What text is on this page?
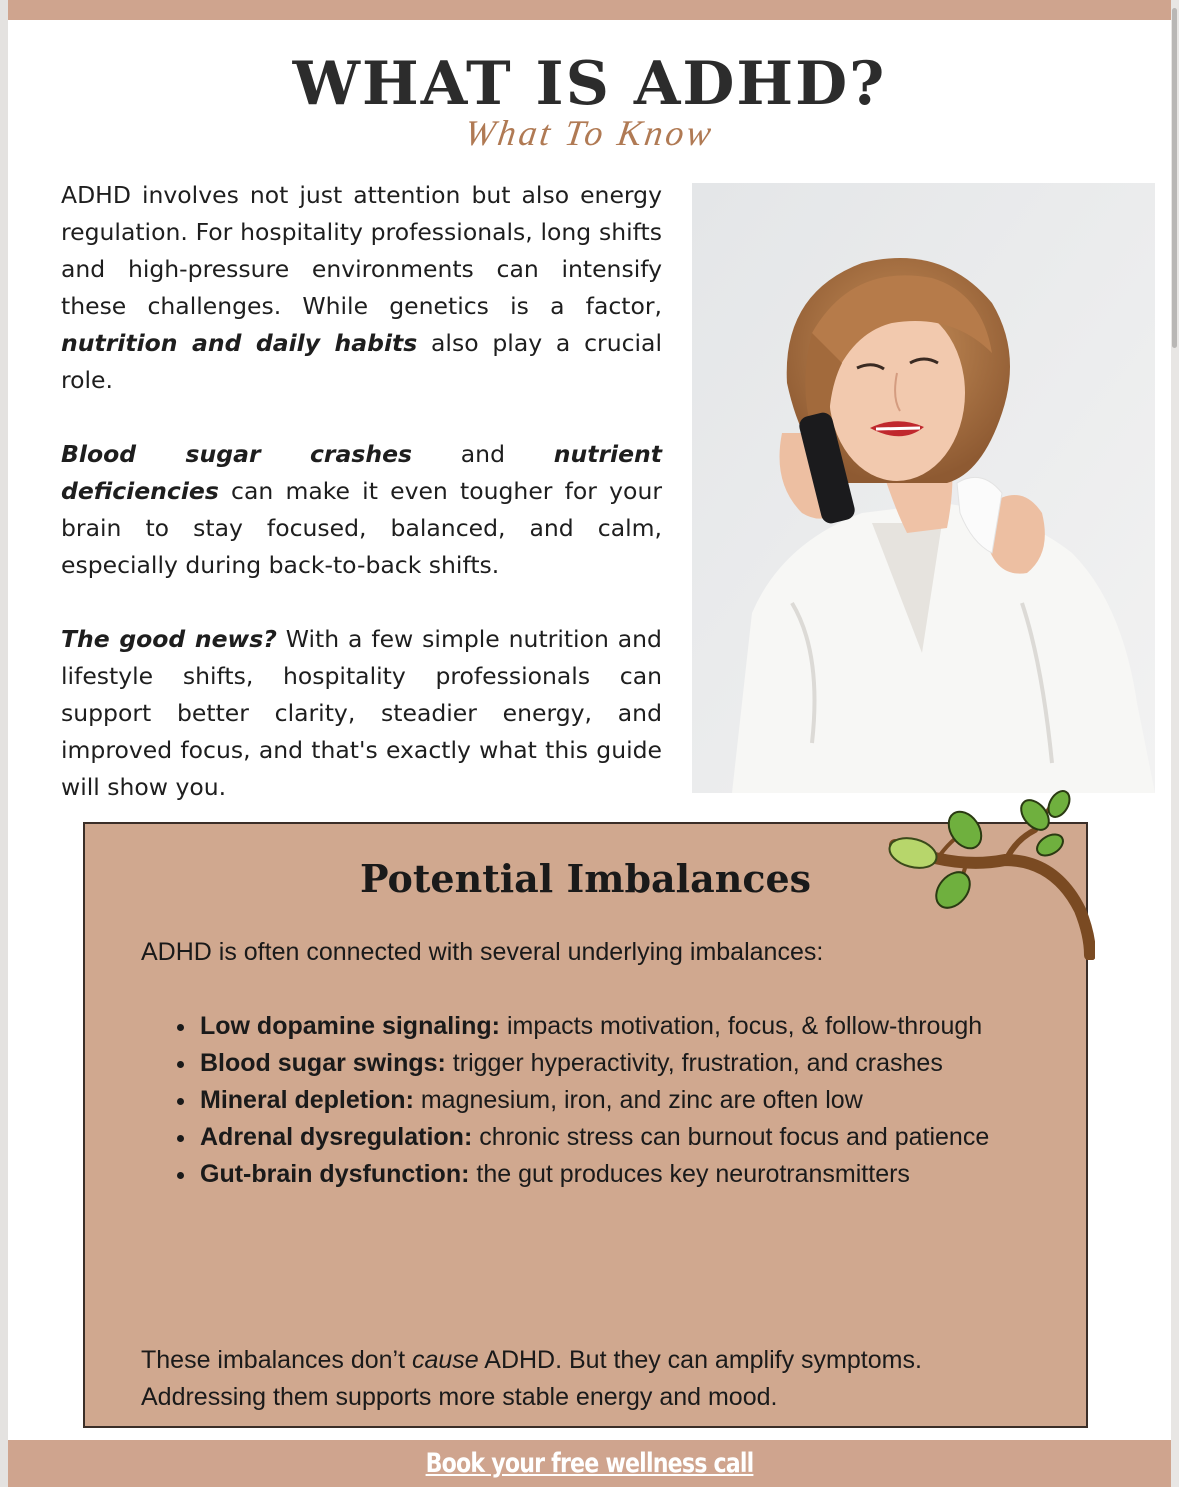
WHAT IS ADHD?
What To Know

ADHD involves not just attention but also energy regulation. For hospitality professionals, long shifts and high-pressure environments can intensify these challenges. While genetics is a factor, nutrition and daily habits also play a crucial role.

Blood sugar crashes and nutrient deficiencies can make it even tougher for your brain to stay focused, balanced, and calm, especially during back-to-back shifts.

The good news? With a few simple nutrition and lifestyle shifts, hospitality professionals can support better clarity, steadier energy, and improved focus, and that's exactly what this guide will show you.

Potential Imbalances
ADHD is often connected with several underlying imbalances:
• Low dopamine signaling: impacts motivation, focus, & follow-through
• Blood sugar swings: trigger hyperactivity, frustration, and crashes
• Mineral depletion: magnesium, iron, and zinc are often low
• Adrenal dysregulation: chronic stress can burnout focus and patience
• Gut-brain dysfunction: the gut produces key neurotransmitters
These imbalances don’t cause ADHD. But they can amplify symptoms. Addressing them supports more stable energy and mood.
Book your free wellness call
